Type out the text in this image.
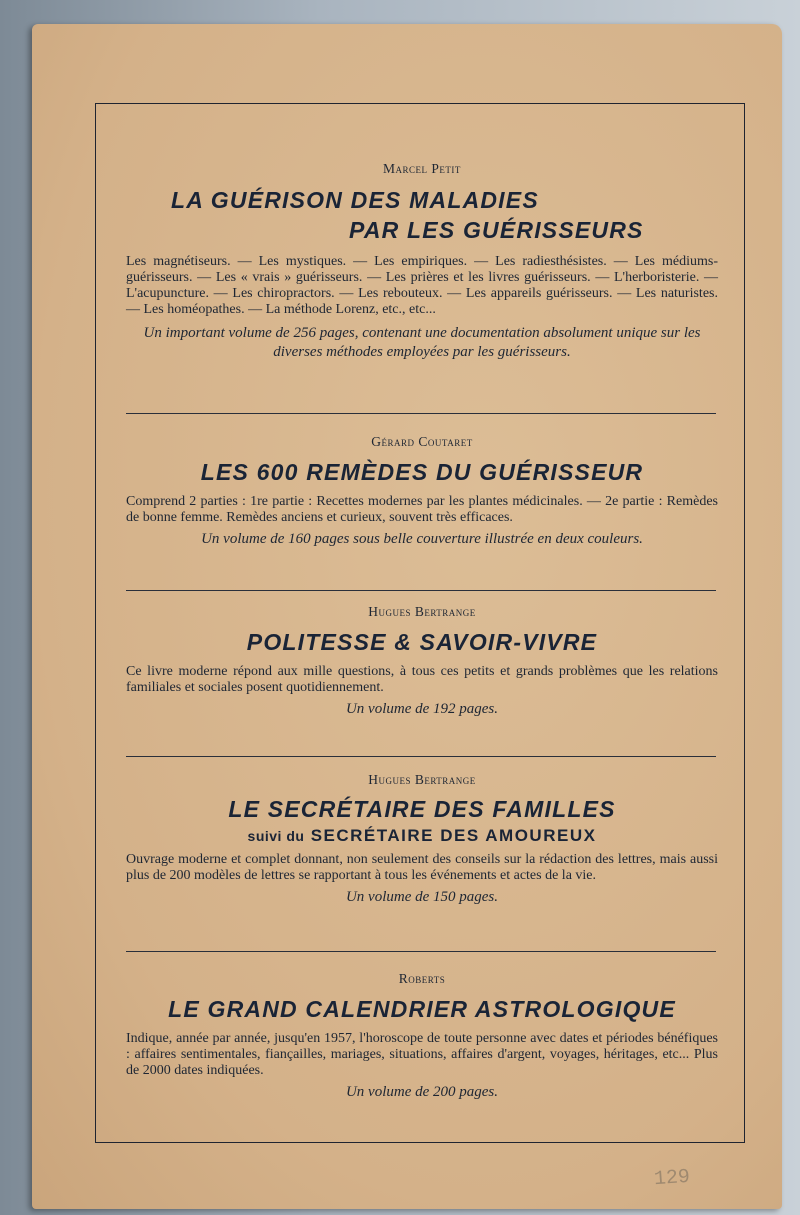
Marcel Petit
LA GUÉRISON DES MALADIES
PAR LES GUÉRISSEURS
Les magnétiseurs. — Les mystiques. — Les empiriques. — Les radiesthésistes. — Les médiums-guérisseurs. — Les « vrais » guérisseurs. — Les prières et les livres guérisseurs. — L'herboristerie. — L'acupuncture. — Les chiropractors. — Les rebouteux. — Les appareils guérisseurs. — Les naturistes. — Les homéopathes. — La méthode Lorenz, etc., etc...
Un important volume de 256 pages, contenant une documentation absolument unique sur les diverses méthodes employées par les guérisseurs.
Gérard Coutaret
LES 600 REMÈDES DU GUÉRISSEUR
Comprend 2 parties : 1re partie : Recettes modernes par les plantes médicinales. — 2e partie : Remèdes de bonne femme. Remèdes anciens et curieux, souvent très efficaces.
Un volume de 160 pages sous belle couverture illustrée en deux couleurs.
Hugues Bertrange
POLITESSE & SAVOIR-VIVRE
Ce livre moderne répond aux mille questions, à tous ces petits et grands problèmes que les relations familiales et sociales posent quotidiennement.
Un volume de 192 pages.
Hugues Bertrange
LE SECRÉTAIRE DES FAMILLES
suivi du SECRÉTAIRE DES AMOUREUX
Ouvrage moderne et complet donnant, non seulement des conseils sur la rédaction des lettres, mais aussi plus de 200 modèles de lettres se rapportant à tous les événements et actes de la vie.
Un volume de 150 pages.
Roberts
LE GRAND CALENDRIER ASTROLOGIQUE
Indique, année par année, jusqu'en 1957, l'horoscope de toute personne avec dates et périodes bénéfiques : affaires sentimentales, fiançailles, mariages, situations, affaires d'argent, voyages, héritages, etc... Plus de 2000 dates indiquées.
Un volume de 200 pages.
129
